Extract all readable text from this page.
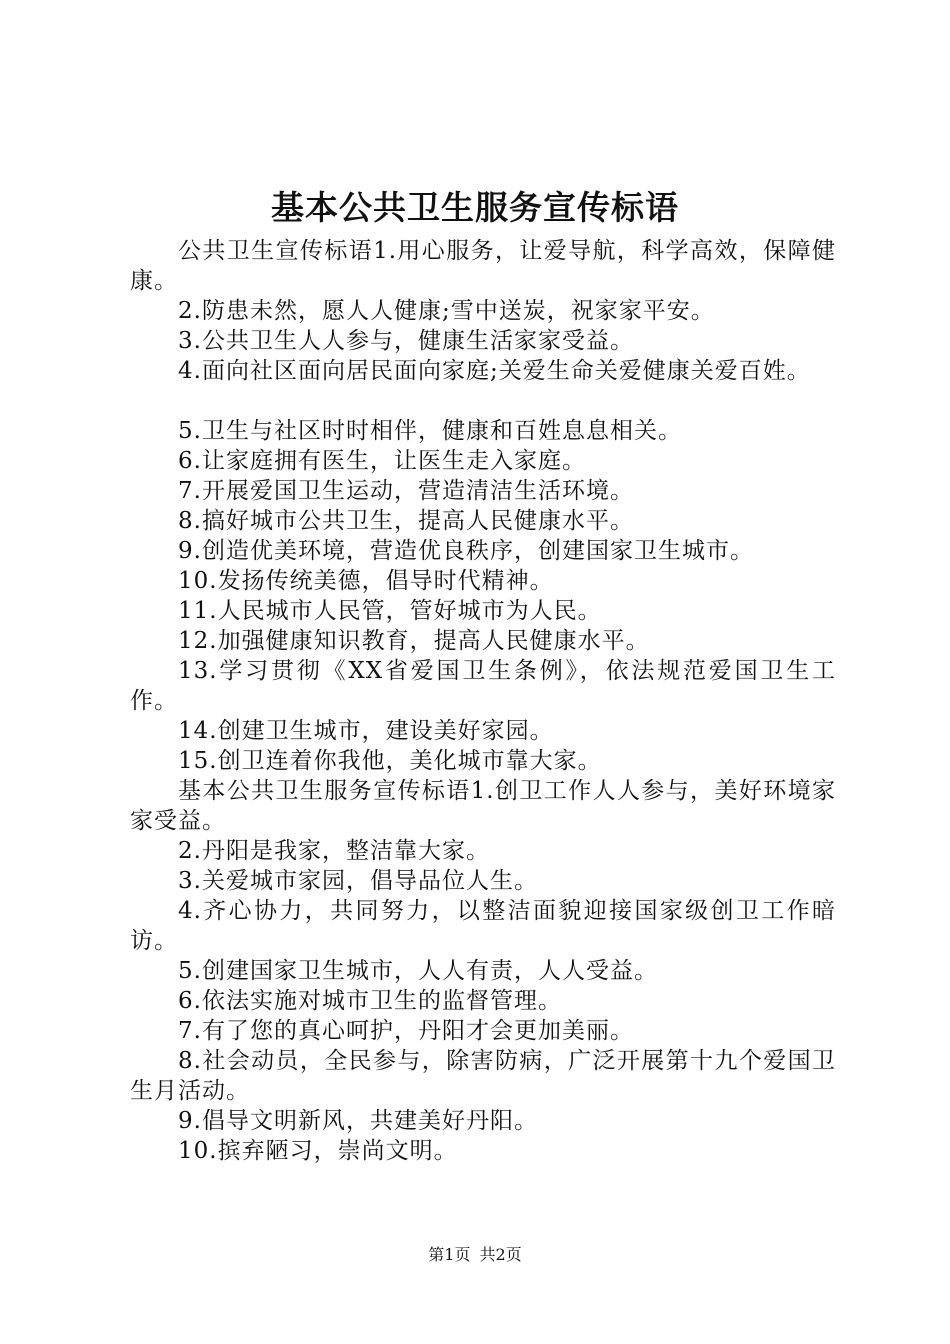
基本公共卫生服务宣传标语

公共卫生宣传标语1.用心服务，让爱导航，科学高效，保障健康。

2.防患未然，愿人人健康;雪中送炭，祝家家平安。

3.公共卫生人人参与，健康生活家家受益。

4.面向社区面向居民面向家庭;关爱生命关爱健康关爱百姓。

5.卫生与社区时时相伴，健康和百姓息息相关。

6.让家庭拥有医生，让医生走入家庭。

7.开展爱国卫生运动，营造清洁生活环境。

8.搞好城市公共卫生，提高人民健康水平。

9.创造优美环境，营造优良秩序，创建国家卫生城市。

10.发扬传统美德，倡导时代精神。

11.人民城市人民管，管好城市为人民。

12.加强健康知识教育，提高人民健康水平。

13.学习贯彻《XX省爱国卫生条例》，依法规范爱国卫生工作。

14.创建卫生城市，建设美好家园。

15.创卫连着你我他，美化城市靠大家。

基本公共卫生服务宣传标语1.创卫工作人人参与，美好环境家家受益。

2.丹阳是我家，整洁靠大家。

3.关爱城市家园，倡导品位人生。

4.齐心协力，共同努力，以整洁面貌迎接国家级创卫工作暗访。

5.创建国家卫生城市，人人有责，人人受益。

6.依法实施对城市卫生的监督管理。

7.有了您的真心呵护，丹阳才会更加美丽。

8.社会动员，全民参与，除害防病，广泛开展第十九个爱国卫生月活动。

9.倡导文明新风，共建美好丹阳。

10.摈弃陋习，崇尚文明。

第1页 共2页
